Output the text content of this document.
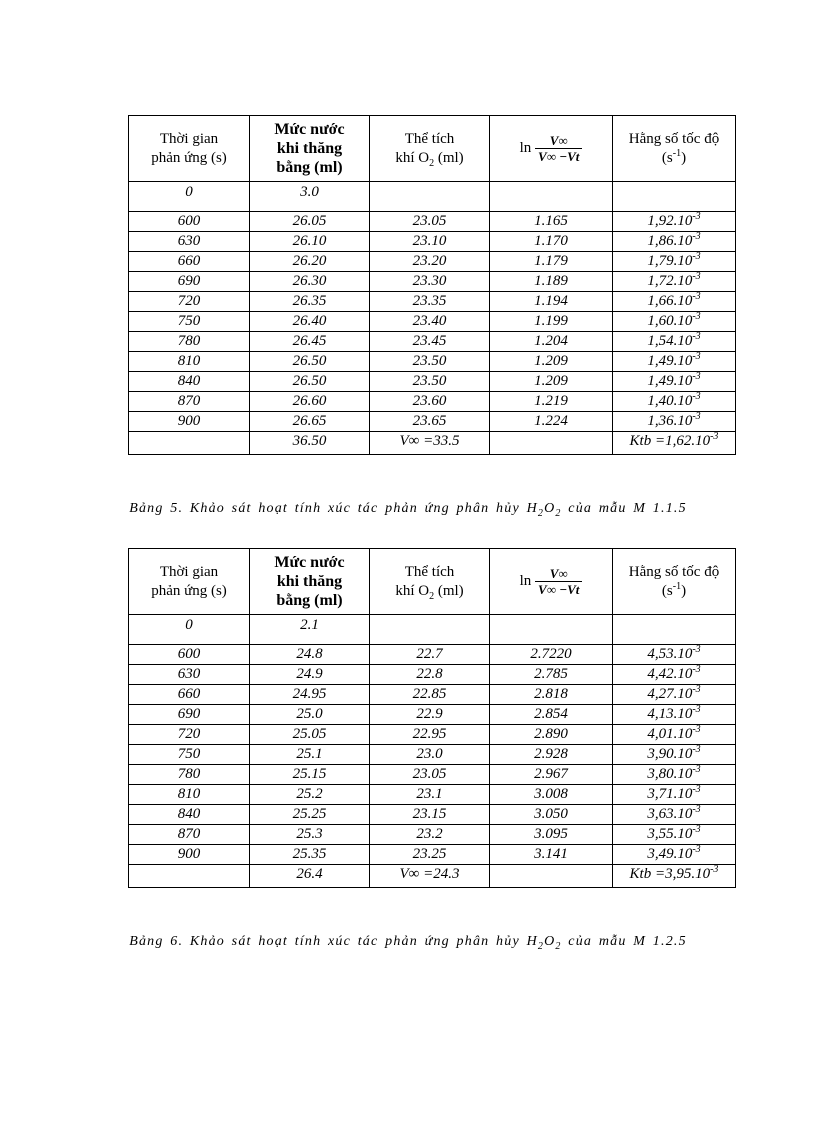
Thời gian
phản ứng (s)	Mức nước
khi thăng
bằng (ml)	Thể tích
khí $O_2$ (ml)	$\ln \frac{V\infty}{V\infty -Vt}$	Hằng số tốc độ
$(s^{-1})$
0	3.0			
600	26.05	23.05	1.165	$1,92.10^{-3}$
630	26.10	23.10	1.170	$1,86.10^{-3}$
660	26.20	23.20	1.179	$1,79.10^{-3}$
690	26.30	23.30	1.189	$1,72.10^{-3}$
720	26.35	23.35	1.194	$1,66.10^{-3}$
750	26.40	23.40	1.199	$1,60.10^{-3}$
780	26.45	23.45	1.204	$1,54.10^{-3}$
810	26.50	23.50	1.209	$1,49.10^{-3}$
840	26.50	23.50	1.209	$1,49.10^{-3}$
870	26.60	23.60	1.219	$1,40.10^{-3}$
900	26.65	23.65	1.224	$1,36.10^{-3}$
	36.50	V∞ =33.5		Ktb $=1,62.10^{-3}$
Bảng 5. Khảo sát hoạt tính xúc tác phản ứng phân hủy $H_2O_2$ của mẫu M 1.1.5
Thời gian
phản ứng (s)	Mức nước
khi thăng
bằng (ml)	Thể tích
khí $O_2$ (ml)	$\ln \frac{V\infty}{V\infty -Vt}$	Hằng số tốc độ
$(s^{-1})$
0	2.1			
600	24.8	22.7	2.7220	$4,53.10^{-3}$
630	24.9	22.8	2.785	$4,42.10^{-3}$
660	24.95	22.85	2.818	$4,27.10^{-3}$
690	25.0	22.9	2.854	$4,13.10^{-3}$
720	25.05	22.95	2.890	$4,01.10^{-3}$
750	25.1	23.0	2.928	$3,90.10^{-3}$
780	25.15	23.05	2.967	$3,80.10^{-3}$
810	25.2	23.1	3.008	$3,71.10^{-3}$
840	25.25	23.15	3.050	$3,63.10^{-3}$
870	25.3	23.2	3.095	$3,55.10^{-3}$
900	25.35	23.25	3.141	$3,49.10^{-3}$
	26.4	V∞ =24.3		Ktb $=3,95.10^{-3}$
Bảng 6. Khảo sát hoạt tính xúc tác phản ứng phân hủy $H_2O_2$ của mẫu M 1.2.5
